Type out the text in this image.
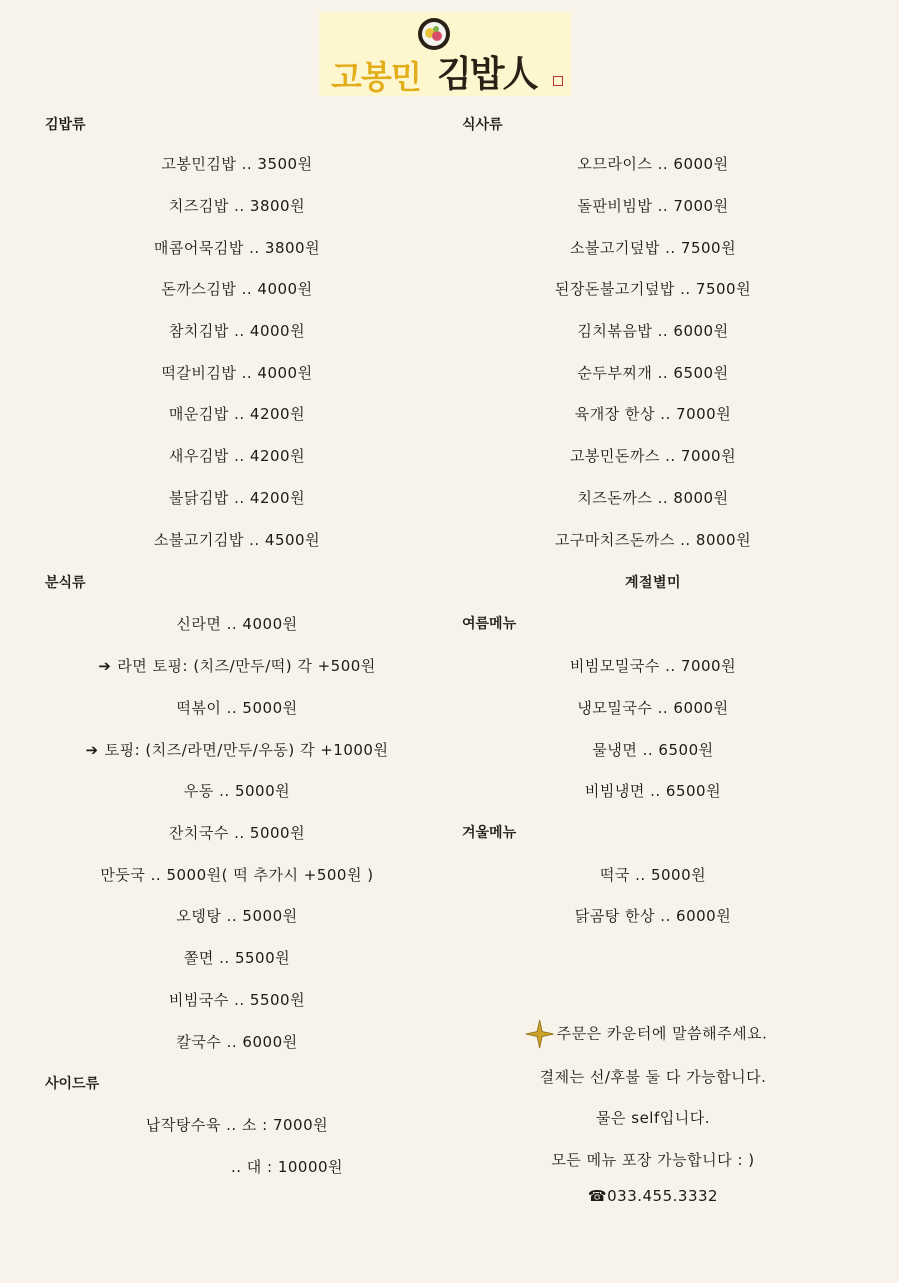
고봉민 김밥人
김밥류
고봉민김밥 .. 3500원
치즈김밥 .. 3800원
매콤어묵김밥 .. 3800원
돈까스김밥 .. 4000원
참치김밥 .. 4000원
떡갈비김밥 .. 4000원
매운김밥 .. 4200원
새우김밥 .. 4200원
불닭김밥 .. 4200원
소불고기김밥 .. 4500원
분식류
신라면 .. 4000원
➔ 라면 토핑: (치즈/만두/떡) 각 +500원
떡볶이 .. 5000원
➔ 토핑: (치즈/라면/만두/우동) 각 +1000원
우동 .. 5000원
잔치국수 .. 5000원
만둣국 .. 5000원( 떡 추가시 +500원 )
오뎅탕 .. 5000원
쫄면 .. 5500원
비빔국수 .. 5500원
칼국수 .. 6000원
사이드류
납작탕수육 .. 소 : 7000원
.. 대 : 10000원
식사류
오므라이스 .. 6000원
돌판비빔밥 .. 7000원
소불고기덮밥 .. 7500원
된장돈불고기덮밥 .. 7500원
김치볶음밥 .. 6000원
순두부찌개 .. 6500원
육개장 한상 .. 7000원
고봉민돈까스 .. 7000원
치즈돈까스 .. 8000원
고구마치즈돈까스 .. 8000원
계절별미
여름메뉴
비빔모밀국수 .. 7000원
냉모밀국수 .. 6000원
물냉면 .. 6500원
비빔냉면 .. 6500원
겨울메뉴
떡국 .. 5000원
닭곰탕 한상 .. 6000원
주문은 카운터에 말씀해주세요.
결제는 선/후불 둘 다 가능합니다.
물은 self입니다.
모든 메뉴 포장 가능합니다 : )
☎033.455.3332
